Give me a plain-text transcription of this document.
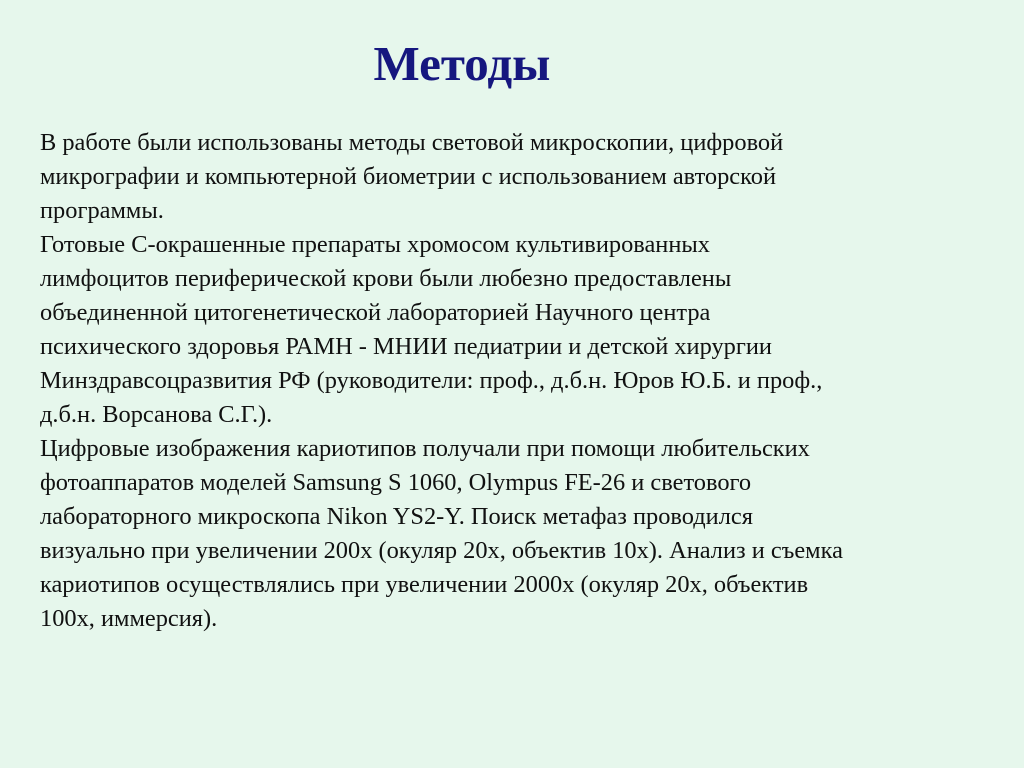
Методы

В работе были использованы методы световой микроскопии, цифровой
микрографии и компьютерной биометрии с использованием авторской
программы.

Готовые С-окрашенные препараты хромосом культивированных
лимфоцитов периферической крови были любезно предоставлены
объединенной цитогенетической лабораторией Научного центра
психического здоровья РАМН - МНИИ педиатрии и детской хирургии
Минздравсоцразвития РФ (руководители: проф., д.б.н. Юров Ю.Б. и проф.,
д.б.н. Ворсанова С.Г.).

Цифровые изображения кариотипов получали при помощи любительских
фотоаппаратов моделей Samsung S 1060, Olympus FE-26 и светового
лабораторного микроскопа Nikon YS2-Y. Поиск метафаз проводился
визуально при увеличении 200х (окуляр 20х, объектив 10х). Анализ и съемка
кариотипов осуществлялись при увеличении 2000х (окуляр 20х, объектив
100х, иммерсия).
